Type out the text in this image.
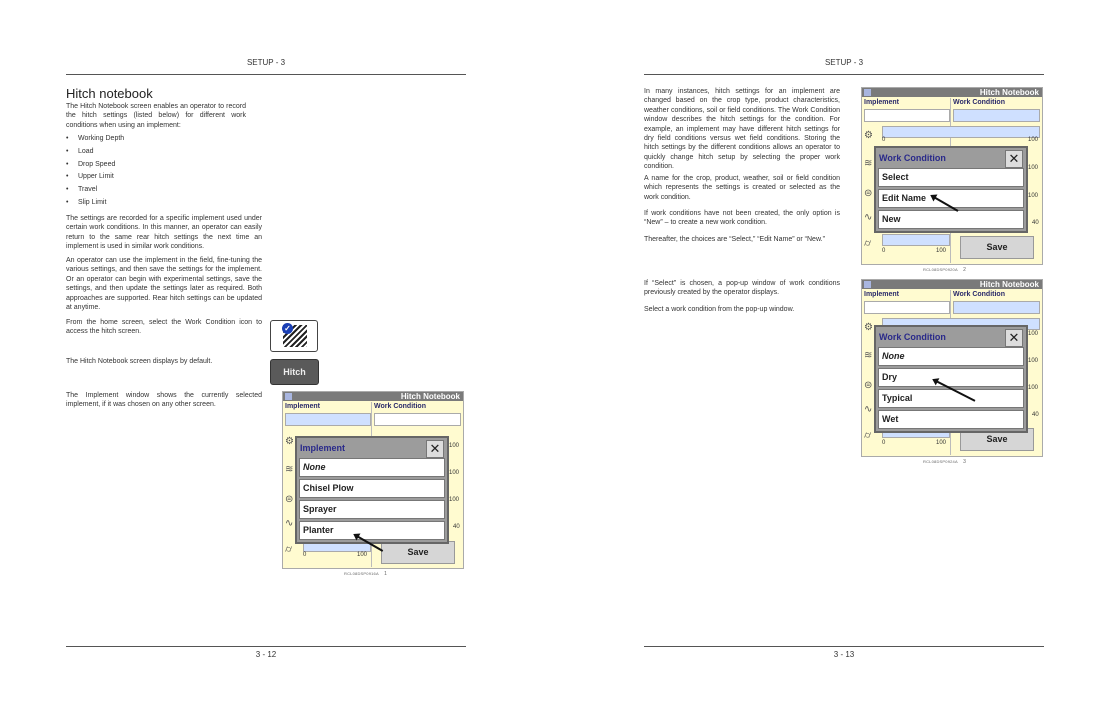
SETUP - 3
Hitch notebook
The Hitch Notebook screen enables an operator to record the hitch settings (listed below) for different work conditions when using an implement:
• Working Depth
• Load
• Drop Speed
• Upper Limit
• Travel
• Slip Limit
The settings are recorded for a specific implement used under certain work conditions. In this manner, an operator can easily return to the same rear hitch settings the next time an implement is used in similar work conditions.
An operator can use the implement in the field, fine-tuning the various settings, and then save the settings for the implement. Or an operator can begin with experimental settings, save the settings, and then update the settings later as required. Both approaches are supported. Rear hitch settings can be updated at anytime.
From the home screen, select the Work Condition icon to access the hitch screen.	✓
The Hitch Notebook screen displays by default.
Hitch
The Implement window shows the currently selected implement, if it was chosen on any other screen.
Hitch Notebook
Implement	Work Condition
⚙
≋
⊜
∿
⌭
100
100
100
40
0	100	Save
Implement	✕
None
Chisel Plow
Sprayer
Planter
RCL08DSP0916A 1
3 - 12
SETUP - 3
In many instances, hitch settings for an implement are changed based on the crop type, product characteristics, weather conditions, soil or field conditions. The Work Condition window describes the hitch settings for the condition. For example, an implement may have different hitch settings for dry field conditions versus wet field conditions. Storing the hitch settings by the different conditions allows an operator to quickly change hitch setup by selecting the proper work condition.
A name for the crop, product, weather, soil or field condition which represents the settings is created or selected as the work condition.
If work conditions have not been created, the only option is “New” – to create a new work condition.
Thereafter, the choices are “Select,” “Edit Name” or “New.”
If “Select” is chosen, a pop-up window of work conditions previously created by the operator displays.
Select a work condition from the pop-up window.
Hitch Notebook
Implement	Work Condition
⚙	0	100
≋	100
⊜	100
∿	40
⌭
0	100	Save
Work Condition	✕
Select
Edit Name
New
RCL08DSP0920A 2
Hitch Notebook
Implement	Work Condition
⚙
100
≋	100
⊜	100
∿	40
⌭
0	100	Save
Work Condition	✕
None
Dry
Typical
Wet
RCL08DSP0924A 3
3 - 13
